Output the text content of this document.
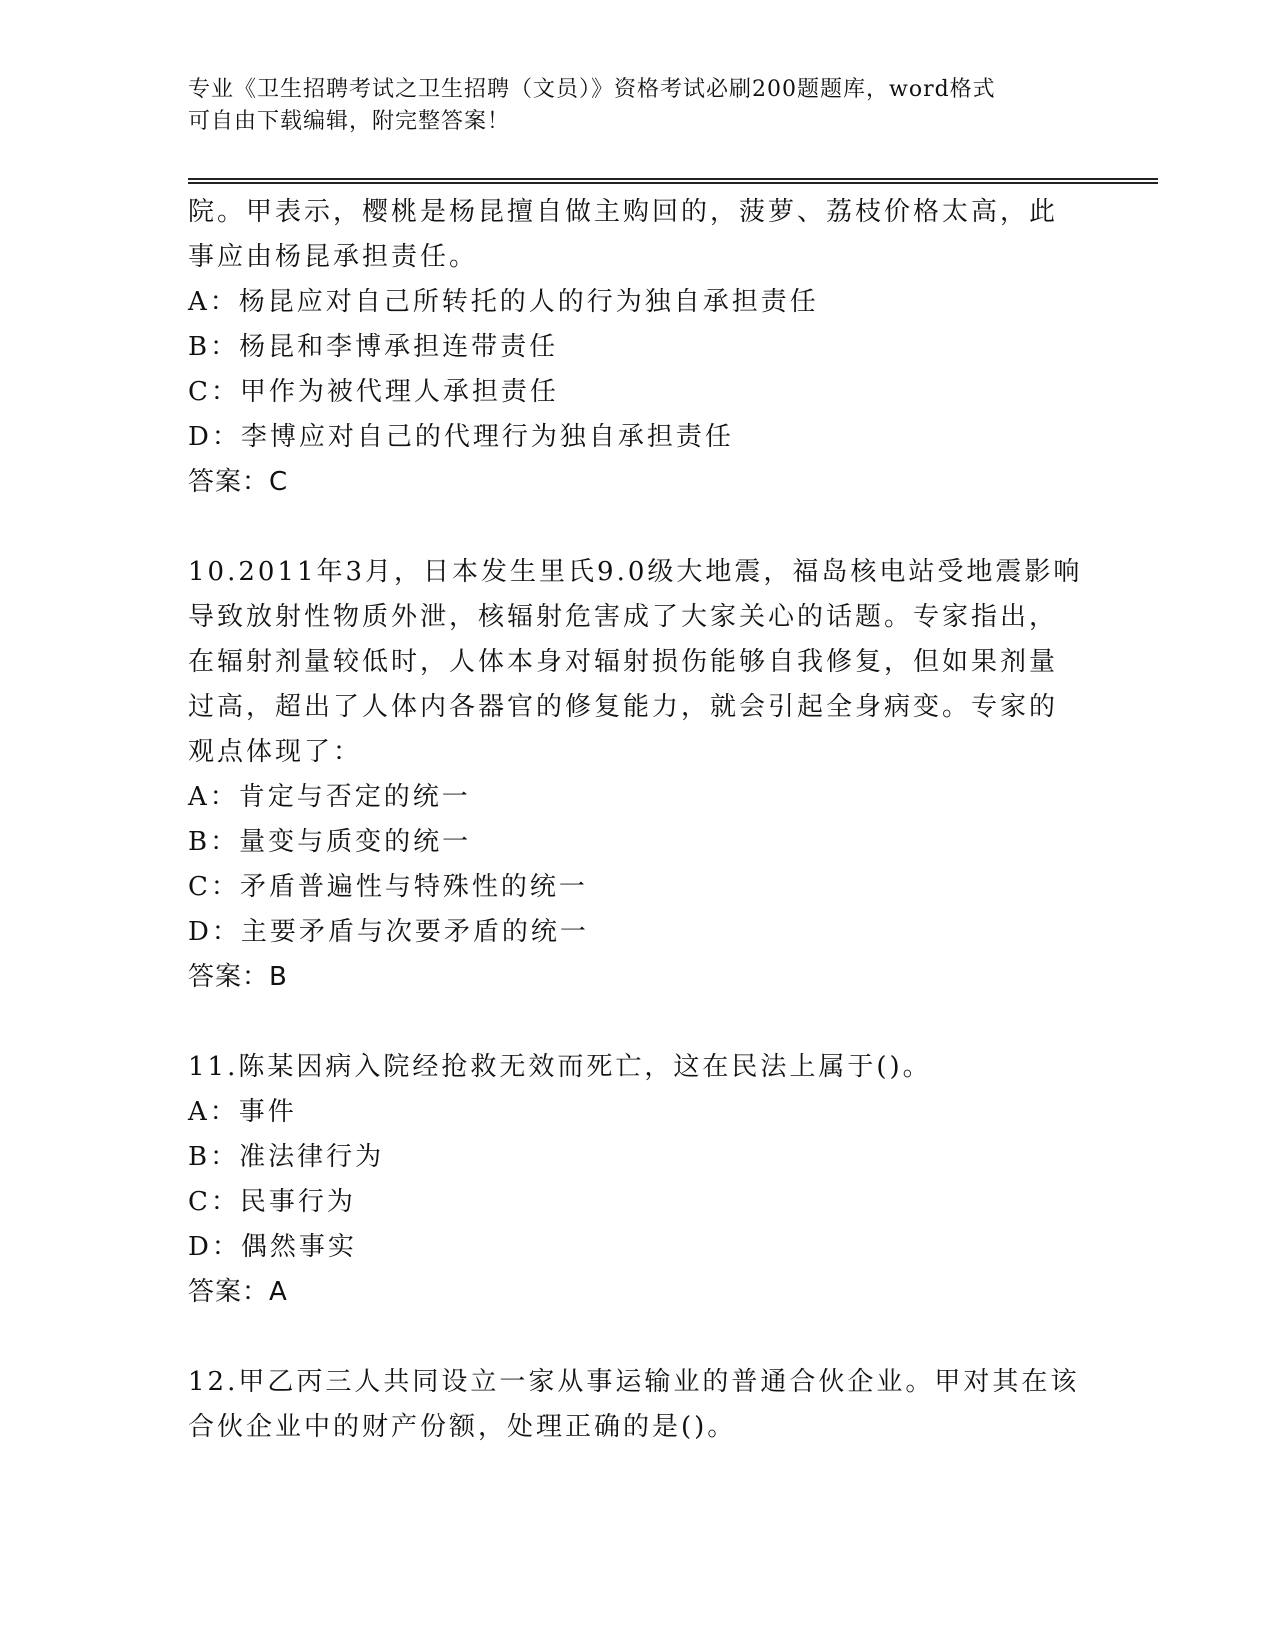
专业《卫生招聘考试之卫生招聘（文员）》资格考试必刷200题题库，word格式
可自由下载编辑，附完整答案！

院。甲表示，樱桃是杨昆擅自做主购回的，菠萝、荔枝价格太高，此

事应由杨昆承担责任。

A：杨昆应对自己所转托的人的行为独自承担责任

B：杨昆和李博承担连带责任

C：甲作为被代理人承担责任

D：李博应对自己的代理行为独自承担责任

答案：C

10.2011年3月，日本发生里氏9.0级大地震，福岛核电站受地震影响

导致放射性物质外泄，核辐射危害成了大家关心的话题。专家指出，

在辐射剂量较低时，人体本身对辐射损伤能够自我修复，但如果剂量

过高，超出了人体内各器官的修复能力，就会引起全身病变。专家的

观点体现了：

A：肯定与否定的统一

B：量变与质变的统一

C：矛盾普遍性与特殊性的统一

D：主要矛盾与次要矛盾的统一

答案：B

11.陈某因病入院经抢救无效而死亡，这在民法上属于()。

A：事件

B：准法律行为

C：民事行为

D：偶然事实

答案：A

12.甲乙丙三人共同设立一家从事运输业的普通合伙企业。甲对其在该

合伙企业中的财产份额，处理正确的是()。
